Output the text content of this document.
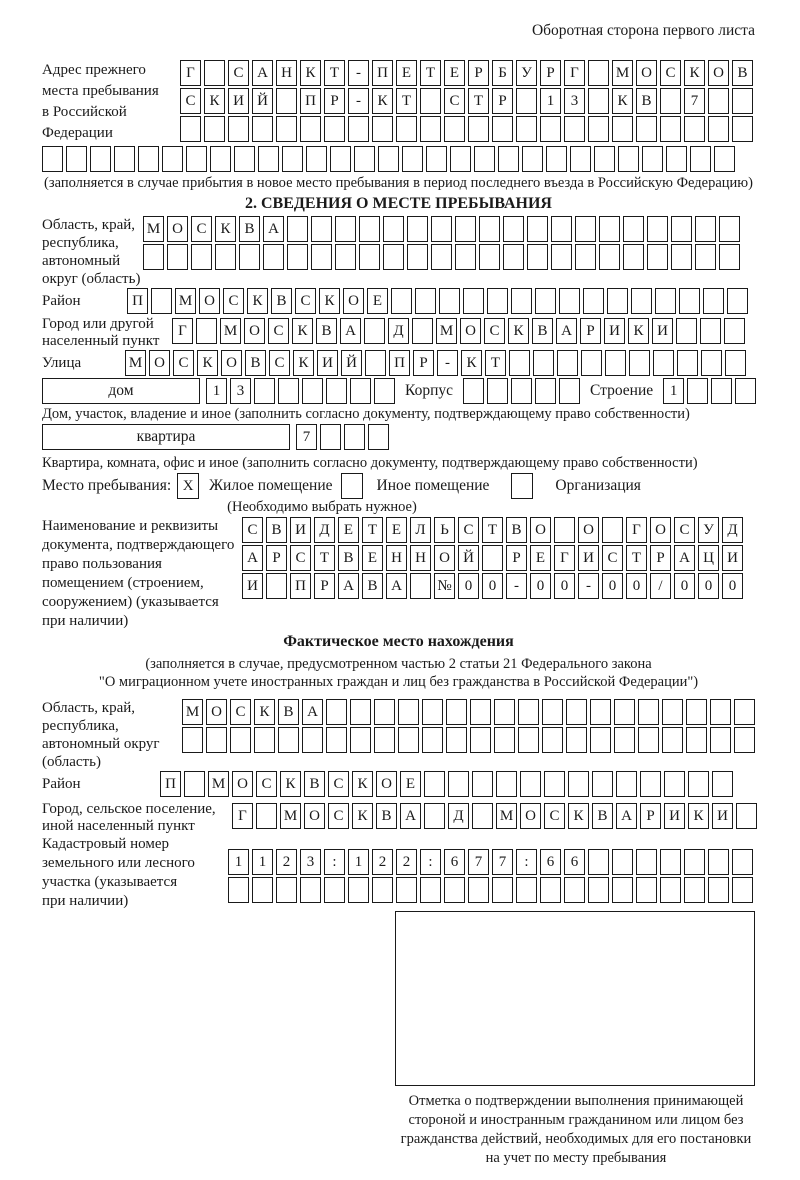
Оборотная сторона первого листа
Адрес прежнего
места пребывания
в Российской
Федерации
Г	С А Н К Т	-	П Е Т Е	Р	Б У Р	Г	М О С К О В
С К И Й	П Р	-	К Т	С Т	Р	1	3	К В	7
(заполняется в случае прибытия в новое место пребывания в период последнего въезда в Российскую Федерацию)
2. СВЕДЕНИЯ О МЕСТЕ ПРЕБЫВАНИЯ
Область, край,
республика,
автономный
округ (область)
М О С К В А
Район	П	М О С К В С К О Е
Город или другой
населенный пункт
Г	М О С К В А	Д	М О С К В А Р И К И
Улица	М О С К О В С К И Й	П Р	-	К Т
дом	1	3	Корпус	Строение	1
Дом, участок, владение и иное (заполнить согласно документу, подтверждающему право собственности)
квартира	7
Квартира, комната, офис и иное (заполнить согласно документу, подтверждающему право собственности)
Место пребывания: X	Жилое помещение	Иное помещение	Организация
(Необходимо выбрать нужное)
Наименование и реквизиты
документа, подтверждающего
право пользования
помещением (строением,
сооружением) (указывается
при наличии)
С В И Д Е Т Е Л Ь С Т В О	О	Г О С У Д
А Р С Т В Е Н Н О Й	Р	Е	Г И С Т	Р А Ц И
И	П Р А В А	№ 0	0	-	0	0	-	0	0	/	0	0	0
Фактическое место нахождения
(заполняется в случае, предусмотренном частью 2 статьи 21 Федерального закона
"О миграционном учете иностранных граждан и лиц без гражданства в Российской Федерации")
Область, край,
республика,
автономный округ
(область)
М О С К В А
Район	П	М О С К В С К О Е
Город, сельское поселение,
иной населенный пункт
Г	М О С К В А	Д	М О С К В А Р И К И
Кадастровый номер
земельного или лесного
участка (указывается
при наличии)
1	1	2	3	:	1	2	2	:	6	7	7	:	6	6
Отметка о подтверждении выполнения принимающей
стороной и иностранным гражданином или лицом без
гражданства действий, необходимых для его постановки
на учет по месту пребывания
